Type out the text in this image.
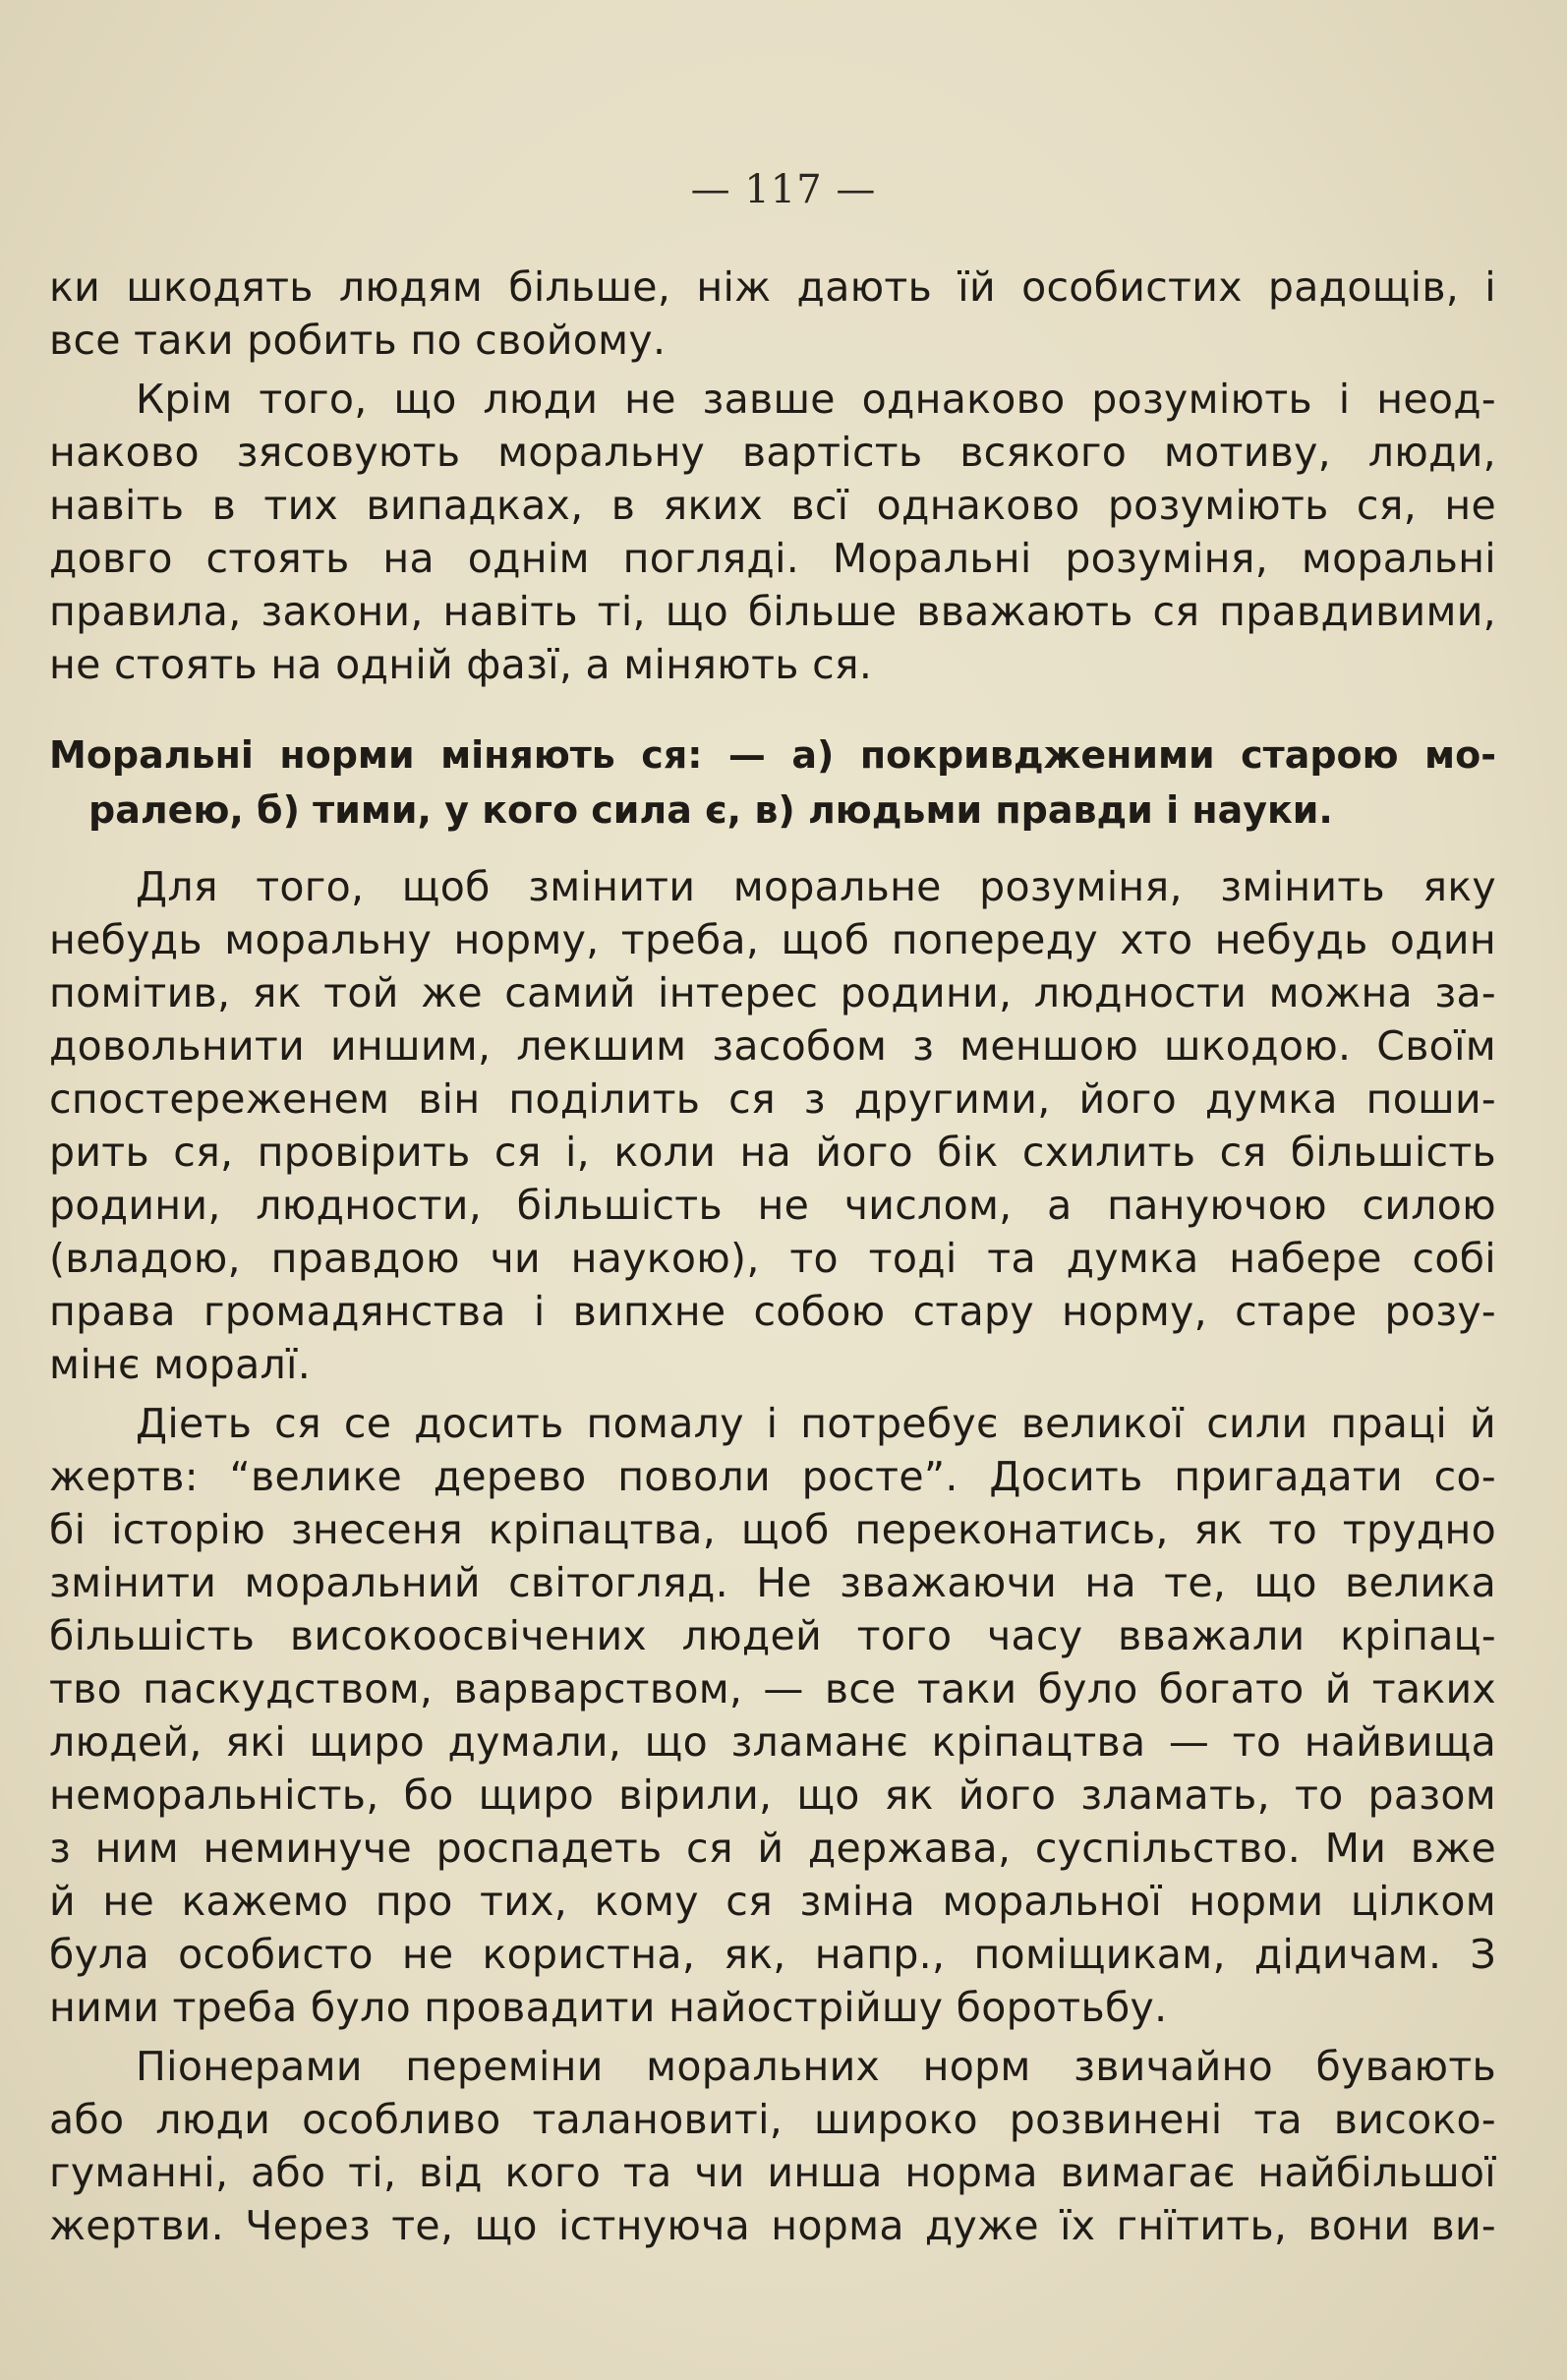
— 117 —
ки шкодять людям більше, ніж дають їй особистих радощів, і
все таки робить по свойому.
Крім того, що люди не завше однаково розуміють і неод-
наково зясовують моральну вартість всякого мотиву, люди,
навіть в тих випадках, в яких всї однаково розуміють ся, не
довго стоять на однім погляді. Моральні розуміня, моральні
правила, закони, навіть ті, що більше вважають ся правдивими,
не стоять на одній фазї, а міняють ся.
Моральні норми міняють ся: — а) покривдженими старою мо-
ралею, б) тими, у кого сила є, в) людьми правди і науки.
Для того, щоб змінити моральне розуміня, змінить яку
небудь моральну норму, треба, щоб попереду хто небудь один
помітив, як той же самий інтерес родини, людности можна за-
довольнити иншим, лекшим засобом з меншою шкодою. Своїм
спостереженем він поділить ся з другими, його думка поши-
рить ся, провірить ся і, коли на його бік схилить ся більшість
родини, людности, більшість не числом, а пануючою силою
(владою, правдою чи наукою), то тоді та думка набере собі
права громадянства і випхне собою стару норму, старе розу-
мінє моралї.
Діеть ся се досить помалу і потребує великої сили праці й
жертв: “велике дерево поволи росте”. Досить пригадати со-
бі історію знесеня кріпацтва, щоб переконатись, як то трудно
змінити моральний світогляд. Не зважаючи на те, що велика
більшість високоосвічених людей того часу вважали кріпац-
тво паскудством, варварством, — все таки було богато й таких
людей, які щиро думали, що зламанє кріпацтва — то найвища
неморальність, бо щиро вірили, що як його зламать, то разом
з ним неминуче роспадеть ся й держава, суспільство. Ми вже
й не кажемо про тих, кому ся зміна моральної норми цілком
була особисто не користна, як, напр., поміщикам, дідичам. З
ними треба було провадити найострійшу боротьбу.
Піонерами переміни моральних норм звичайно бувають
або люди особливо талановиті, широко розвинені та високо-
гуманні, або ті, від кого та чи инша норма вимагає найбільшої
жертви. Через те, що істнуюча норма дуже їх гнїтить, вони ви-
